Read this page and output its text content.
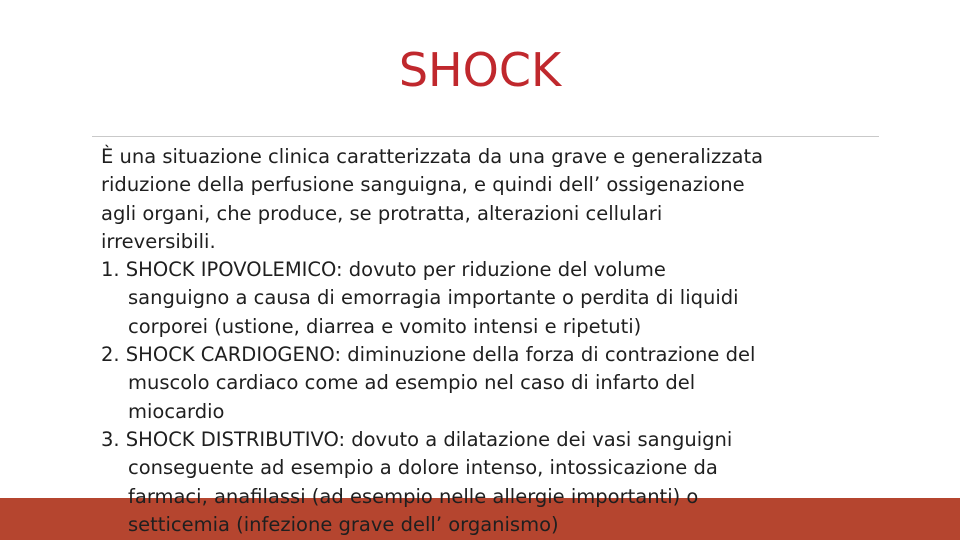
SHOCK
È una situazione clinica caratterizzata da una grave e generalizzata
riduzione della perfusione sanguigna, e quindi dell’ ossigenazione
agli organi, che produce, se protratta, alterazioni cellulari
irreversibili.
1. SHOCK IPOVOLEMICO: dovuto per riduzione del volume
sanguigno a causa di emorragia importante o perdita di liquidi
corporei (ustione, diarrea e vomito intensi e ripetuti)
2. SHOCK CARDIOGENO: diminuzione della forza di contrazione del
muscolo cardiaco come ad esempio nel caso di infarto del
miocardio
3. SHOCK DISTRIBUTIVO: dovuto a dilatazione dei vasi sanguigni
conseguente ad esempio a dolore intenso, intossicazione da
farmaci, anafilassi (ad esempio nelle allergie importanti) o
setticemia (infezione grave dell’ organismo)
